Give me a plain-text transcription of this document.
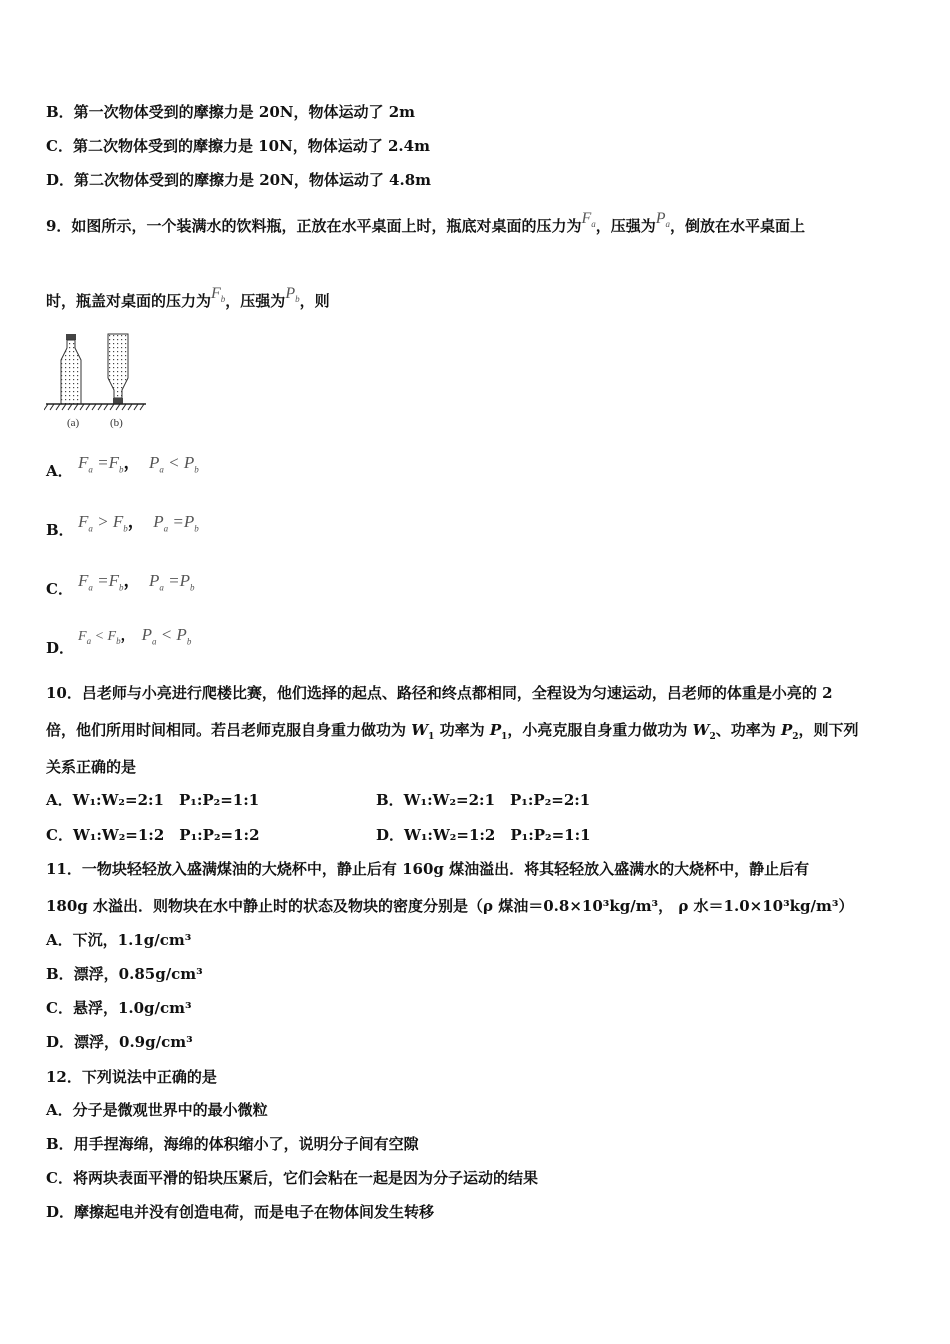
B．第一次物体受到的摩擦力是 20N，物体运动了 2m
C．第二次物体受到的摩擦力是 10N，物体运动了 2.4m
D．第二次物体受到的摩擦力是 20N，物体运动了 4.8m
9．如图所示，一个装满水的饮料瓶，正放在水平桌面上时，瓶底对桌面的压力为$F_a$，压强为$P_a$，倒放在水平桌面上
时，瓶盖对桌面的压力为$F_b$，压强为$P_b$，则
(a)	(b)
A． $F_a =F_b$，  $P_a < P_b$
B． $F_a > F_b$，  $P_a =P_b$
C． $F_a =F_b$，  $P_a =P_b$
D．
$F_a < F_b$， $P_a < P_b$
10．吕老师与小亮进行爬楼比赛，他们选择的起点、路径和终点都相同，全程设为匀速运动，吕老师的体重是小亮的 2
倍，他们所用时间相同。若吕老师克服自身重力做功为 $W_1$ 功率为 $P_1$，小亮克服自身重力做功为 $W_2$、功率为 $P_2$，则下列
关系正确的是
A．W₁:W₂=2:1　P₁:P₂=1:1	B．W₁:W₂=2:1　P₁:P₂=2:1
C．W₁:W₂=1:2　P₁:P₂=1:2	D．W₁:W₂=1:2　P₁:P₂=1:1
11．一物块轻轻放入盛满煤油的大烧杯中，静止后有 160g 煤油溢出．将其轻轻放入盛满水的大烧杯中，静止后有
180g 水溢出．则物块在水中静止时的状态及物块的密度分别是（ρ 煤油＝0.8×10³kg/m³， ρ 水＝1.0×10³kg/m³）
A．下沉，1.1g/cm³
B．漂浮，0.85g/cm³
C．悬浮，1.0g/cm³
D．漂浮，0.9g/cm³
12．下列说法中正确的是
A．分子是微观世界中的最小微粒
B．用手捏海绵，海绵的体积缩小了，说明分子间有空隙
C．将两块表面平滑的铅块压紧后，它们会粘在一起是因为分子运动的结果
D．摩擦起电并没有创造电荷，而是电子在物体间发生转移
